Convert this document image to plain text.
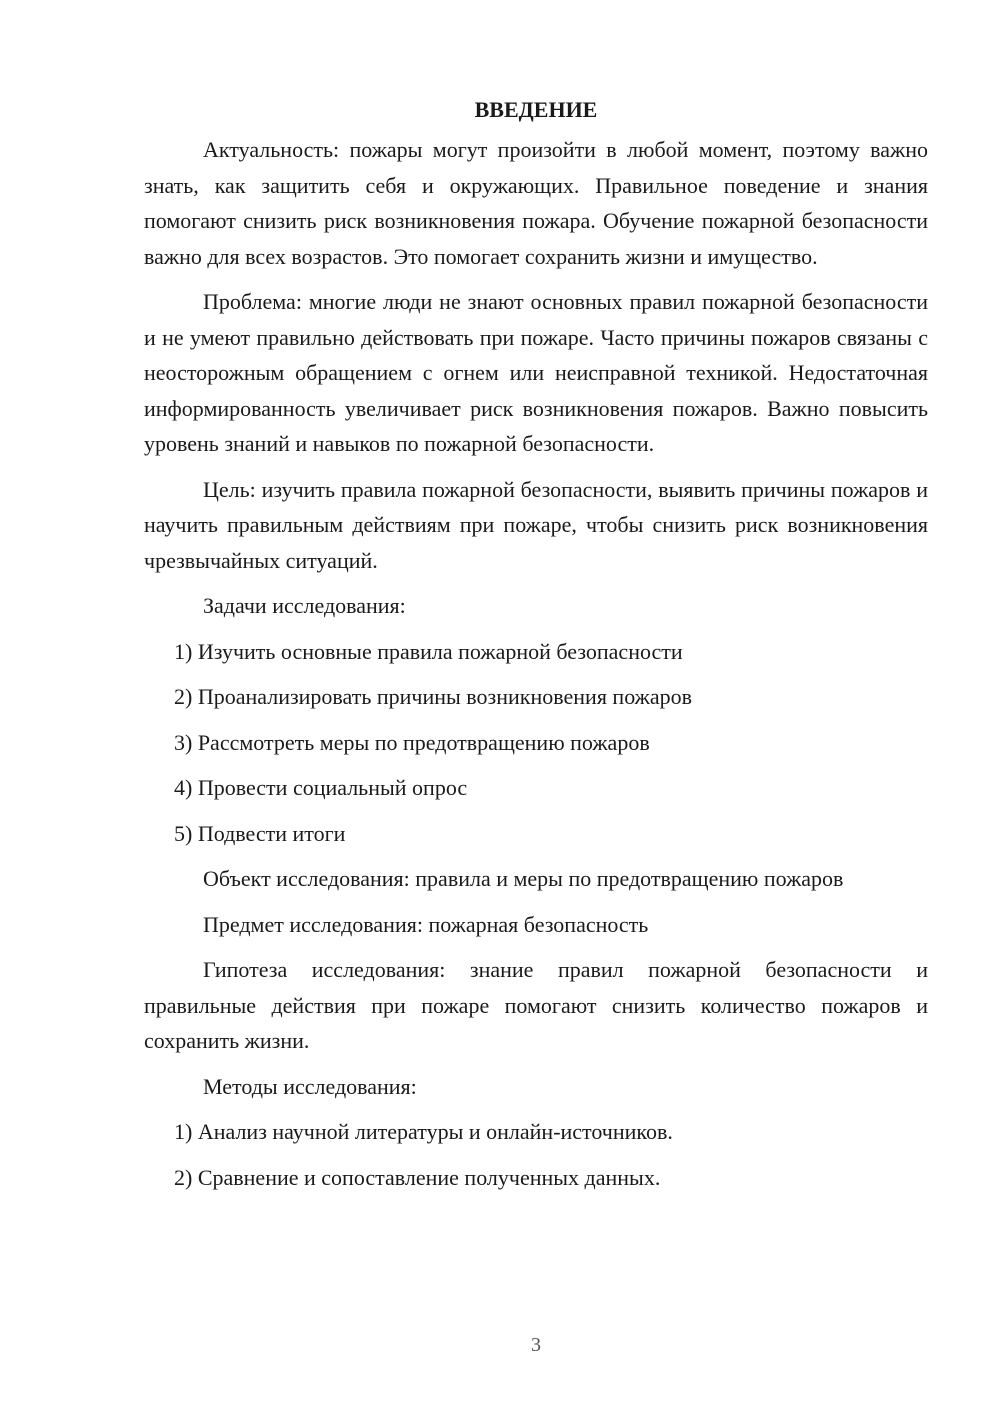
ВВЕДЕНИЕ

Актуальность: пожары могут произойти в любой момент, поэтому важно знать, как защитить себя и окружающих. Правильное поведение и знания помогают снизить риск возникновения пожара. Обучение пожарной безопасности важно для всех возрастов. Это помогает сохранить жизни и имущество.

Проблема: многие люди не знают основных правил пожарной безопасности и не умеют правильно действовать при пожаре. Часто причины пожаров связаны с неосторожным обращением с огнем или неисправной техникой. Недостаточная информированность увеличивает риск возникновения пожаров. Важно повысить уровень знаний и навыков по пожарной безопасности.

Цель: изучить правила пожарной безопасности, выявить причины пожаров и научить правильным действиям при пожаре, чтобы снизить риск возникновения чрезвычайных ситуаций.

Задачи исследования:

1) Изучить основные правила пожарной безопасности
2) Проанализировать причины возникновения пожаров
3) Рассмотреть меры по предотвращению пожаров
4) Провести социальный опрос
5) Подвести итоги

Объект исследования: правила и меры по предотвращению пожаров

Предмет исследования: пожарная безопасность

Гипотеза исследования: знание правил пожарной безопасности и правильные действия при пожаре помогают снизить количество пожаров и сохранить жизни.

Методы исследования:

1) Анализ научной литературы и онлайн-источников.
2) Сравнение и сопоставление полученных данных.
3
